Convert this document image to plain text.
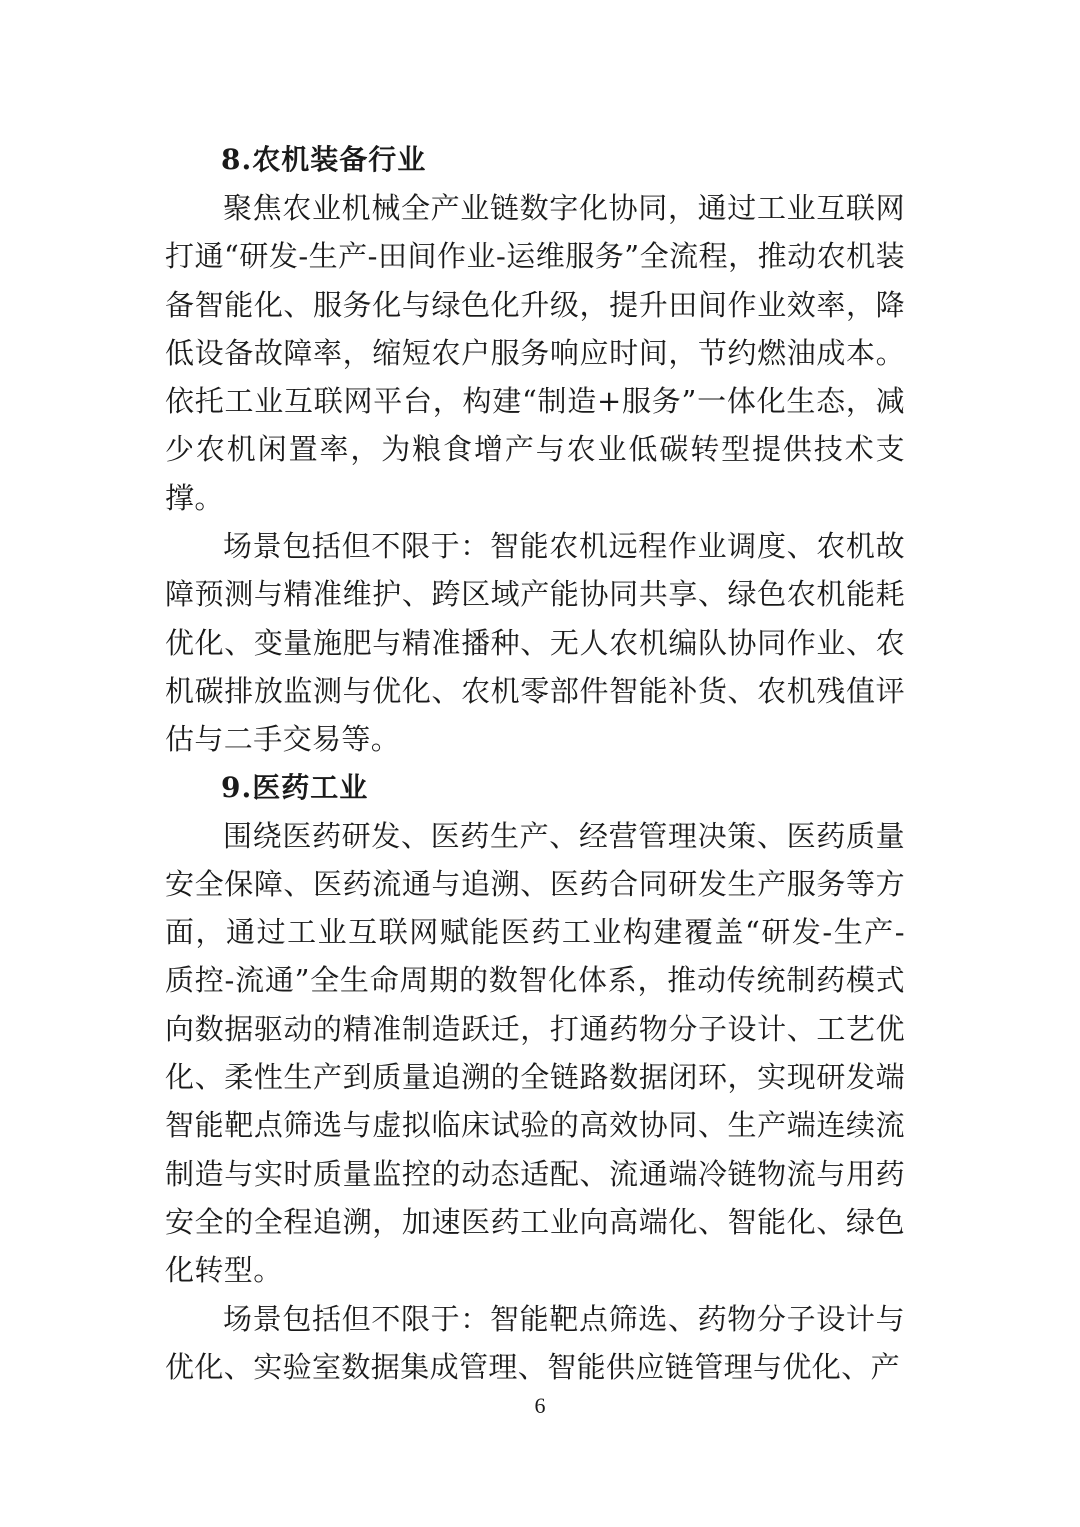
8.农机装备行业

聚焦农业机械全产业链数字化协同，通过工业互联网打通“研发-生产-田间作业-运维服务”全流程，推动农机装备智能化、服务化与绿色化升级，提升田间作业效率，降低设备故障率，缩短农户服务响应时间，节约燃油成本。依托工业互联网平台，构建“制造+服务”一体化生态，减少农机闲置率，为粮食增产与农业低碳转型提供技术支撑。

场景包括但不限于：智能农机远程作业调度、农机故障预测与精准维护、跨区域产能协同共享、绿色农机能耗优化、变量施肥与精准播种、无人农机编队协同作业、农机碳排放监测与优化、农机零部件智能补货、农机残值评估与二手交易等。

9.医药工业

围绕医药研发、医药生产、经营管理决策、医药质量安全保障、医药流通与追溯、医药合同研发生产服务等方面，通过工业互联网赋能医药工业构建覆盖“研发-生产-质控-流通”全生命周期的数智化体系，推动传统制药模式向数据驱动的精准制造跃迁，打通药物分子设计、工艺优化、柔性生产到质量追溯的全链路数据闭环，实现研发端智能靶点筛选与虚拟临床试验的高效协同、生产端连续流制造与实时质量监控的动态适配、流通端冷链物流与用药安全的全程追溯，加速医药工业向高端化、智能化、绿色化转型。

场景包括但不限于：智能靶点筛选、药物分子设计与优化、实验室数据集成管理、智能供应链管理与优化、产

6
